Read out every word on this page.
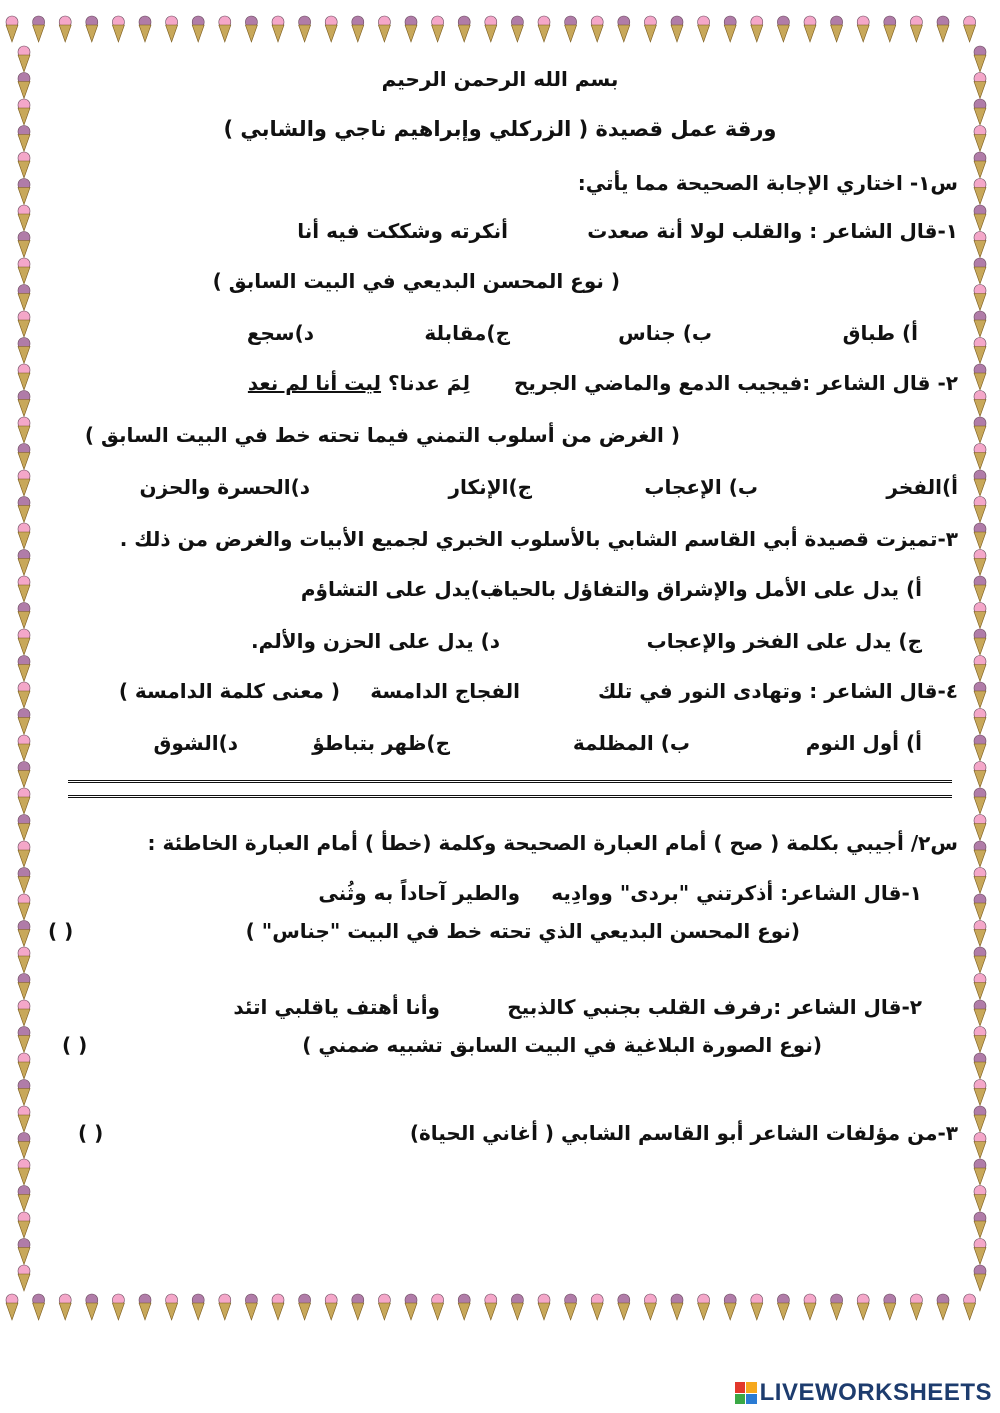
بسم الله الرحمن الرحيم
ورقة عمل قصيدة ( الزركلي وإبراهيم ناجي والشابي )
س١- اختاري الإجابة الصحيحة مما يأتي:
١-قال الشاعر : والقلب لولا أنة صعدت
أنكرته وشككت فيه أنا
( نوع المحسن البديعي في البيت السابق )
أ) طباق
ب) جناس
ج)مقابلة
د)سجع
٢- قال الشاعر :فيجيب الدمع والماضي الجريح
لِمَ عدنا؟ ليت أنا لم نعد
( الغرض من أسلوب التمني فيما تحته خط في البيت السابق )
أ)الفخر
ب) الإعجاب
ج)الإنكار
د)الحسرة والحزن
٣-تميزت قصيدة أبي القاسم الشابي بالأسلوب الخبري لجميع الأبيات والغرض من ذلك .
أ) يدل على الأمل والإشراق والتفاؤل بالحياة
ب)يدل على التشاؤم
ج) يدل على الفخر والإعجاب
د) يدل على الحزن والألم.
٤-قال الشاعر : وتهادى النور في تلك
الفجاج الدامسة
( معنى كلمة الدامسة )
أ) أول النوم
ب) المظلمة
ج)ظهر بتباطؤ
د)الشوق
س٢/ أجيبي بكلمة ( صح ) أمام العبارة الصحيحة وكلمة (خطأ ) أمام العبارة الخاطئة :
١-قال الشاعر: أذكرتني "بردى" ووادِيه
والطير آحاداً به وثُنى
(نوع المحسن البديعي الذي تحته خط في البيت "جناس" )
( )
٢-قال الشاعر :رفرف القلب بجنبي كالذبيح
وأنا أهتف ياقلبي اتئد
(نوع الصورة البلاغية في البيت السابق تشبيه ضمني )
( )
٣-من مؤلفات الشاعر أبو القاسم الشابي ( أغاني الحياة)
( )
LIVEWORKSHEETS
